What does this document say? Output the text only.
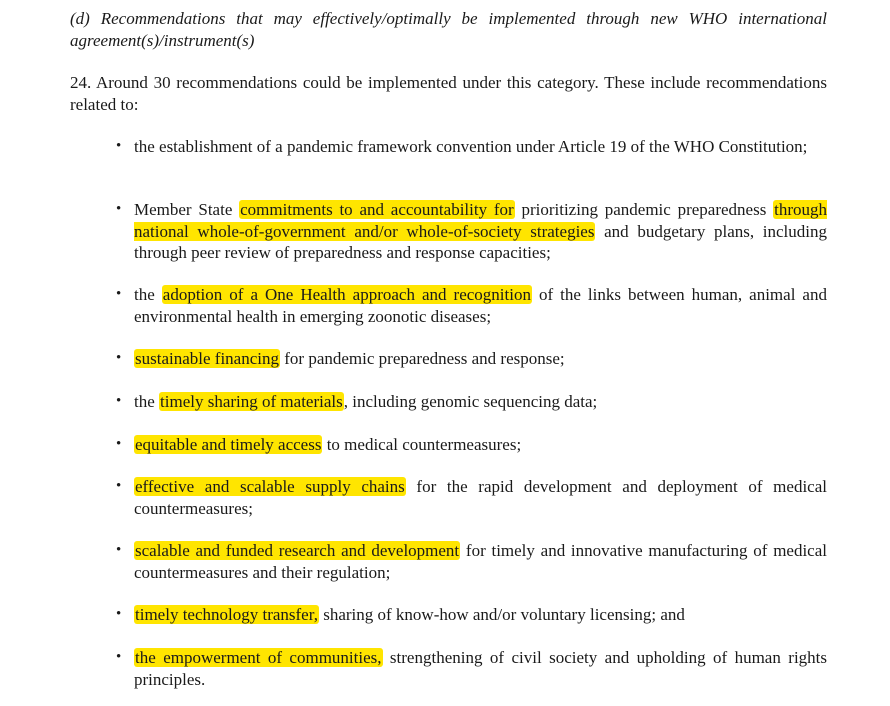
(d) Recommendations that may effectively/optimally be implemented through new WHO international agreement(s)/instrument(s)

24. Around 30 recommendations could be implemented under this category. These include recommendations related to:

• the establishment of a pandemic framework convention under Article 19 of the WHO Constitution;

• Member State commitments to and accountability for prioritizing pandemic preparedness through national whole-of-government and/or whole-of-society strategies and budgetary plans, including through peer review of preparedness and response capacities;

• the adoption of a One Health approach and recognition of the links between human, animal and environmental health in emerging zoonotic diseases;

• sustainable financing for pandemic preparedness and response;

• the timely sharing of materials, including genomic sequencing data;

• equitable and timely access to medical countermeasures;

• effective and scalable supply chains for the rapid development and deployment of medical countermeasures;

• scalable and funded research and development for timely and innovative manufacturing of medical countermeasures and their regulation;

• timely technology transfer, sharing of know-how and/or voluntary licensing; and

• the empowerment of communities, strengthening of civil society and upholding of human rights principles.
